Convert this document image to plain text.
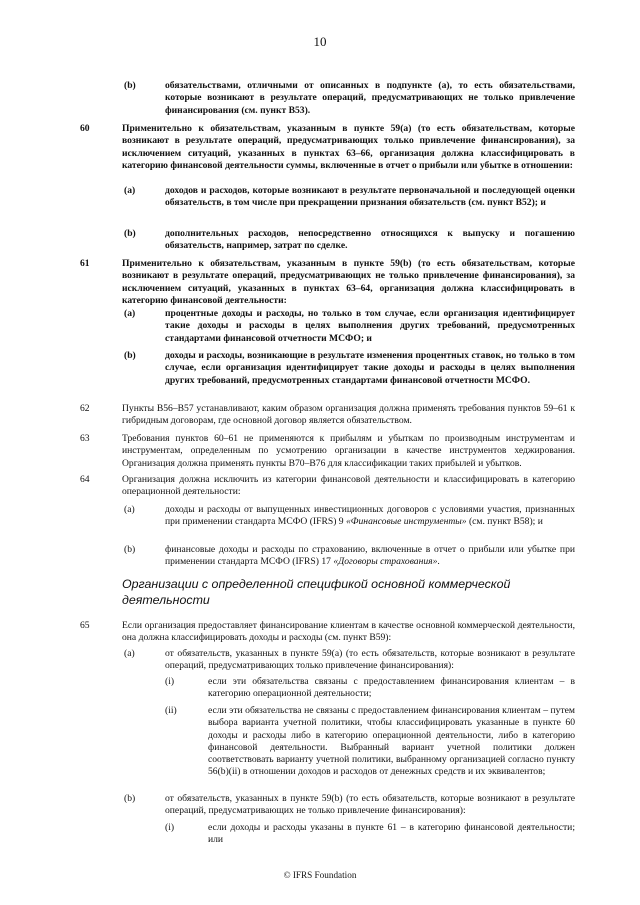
10
(b)	обязательствами, отличными от описанных в подпункте (а), то есть обязательствами, которые возникают в результате операций, предусматривающих не только привлечение финансирования (см. пункт B53).
60	Применительно к обязательствам, указанным в пункте 59(а) (то есть обязательствам, которые возникают в результате операций, предусматривающих только привлечение финансирования), за исключением ситуаций, указанных в пунктах 63–66, организация должна классифицировать в категорию финансовой деятельности суммы, включенные в отчет о прибыли или убытке в отношении:
(a)	доходов и расходов, которые возникают в результате первоначальной и последующей оценки обязательств, в том числе при прекращении признания обязательств (см. пункт B52); и
(b)	дополнительных расходов, непосредственно относящихся к выпуску и погашению обязательств, например, затрат по сделке.
61	Применительно к обязательствам, указанным в пункте 59(b) (то есть обязательствам, которые возникают в результате операций, предусматривающих не только привлечение финансирования), за исключением ситуаций, указанных в пунктах 63–64, организация должна классифицировать в категорию финансовой деятельности:
(a)	процентные доходы и расходы, но только в том случае, если организация идентифицирует такие доходы и расходы в целях выполнения других требований, предусмотренных стандартами финансовой отчетности МСФО; и
(b)	доходы и расходы, возникающие в результате изменения процентных ставок, но только в том случае, если организация идентифицирует такие доходы и расходы в целях выполнения других требований, предусмотренных стандартами финансовой отчетности МСФО.
62	Пункты B56–B57 устанавливают, каким образом организация должна применять требования пунктов 59–61 к гибридным договорам, где основной договор является обязательством.
63	Требования пунктов 60–61 не применяются к прибылям и убыткам по производным инструментам и инструментам, определенным по усмотрению организации в качестве инструментов хеджирования. Организация должна применять пункты B70–B76 для классификации таких прибылей и убытков.
64	Организация должна исключить из категории финансовой деятельности и классифицировать в категорию операционной деятельности:
(a)	доходы и расходы от выпущенных инвестиционных договоров с условиями участия, признанных при применении стандарта МСФО (IFRS) 9 «Финансовые инструменты» (см. пункт B58); и
(b)	финансовые доходы и расходы по страхованию, включенные в отчет о прибыли или убытке при применении стандарта МСФО (IFRS) 17 «Договоры страхования».
Организации с определенной спецификой основной коммерческой деятельности
65	Если организация предоставляет финансирование клиентам в качестве основной коммерческой деятельности, она должна классифицировать доходы и расходы (см. пункт B59):
(a)	от обязательств, указанных в пункте 59(а) (то есть обязательств, которые возникают в результате операций, предусматривающих только привлечение финансирования):
(i)	если эти обязательства связаны с предоставлением финансирования клиентам – в категорию операционной деятельности;
(ii)	если эти обязательства не связаны с предоставлением финансирования клиентам – путем выбора варианта учетной политики, чтобы классифицировать указанные в пункте 60 доходы и расходы либо в категорию операционной деятельности, либо в категорию финансовой деятельности. Выбранный вариант учетной политики должен соответствовать варианту учетной политики, выбранному организацией согласно пункту 56(b)(ii) в отношении доходов и расходов от денежных средств и их эквивалентов;
(b)	от обязательств, указанных в пункте 59(b) (то есть обязательств, которые возникают в результате операций, предусматривающих не только привлечение финансирования):
(i)	если доходы и расходы указаны в пункте 61 – в категорию финансовой деятельности; или
© IFRS Foundation
